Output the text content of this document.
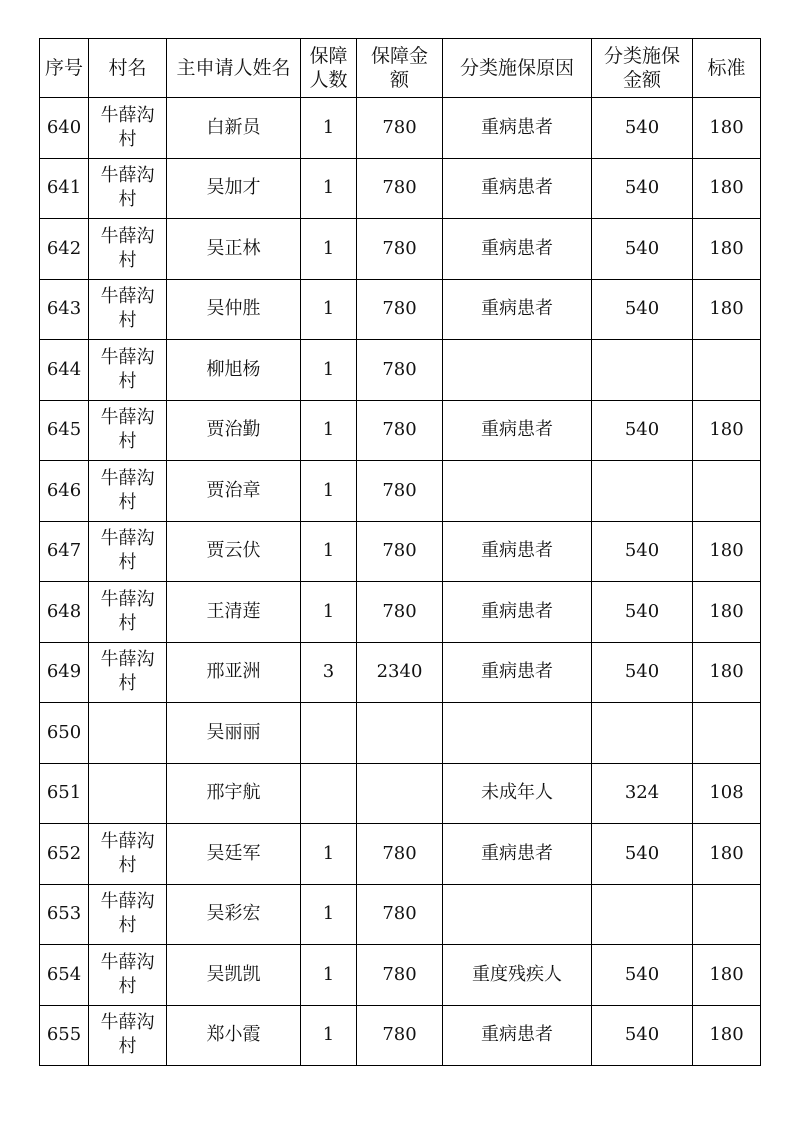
序号	村名	主申请人姓名	保障人数	保障金额	分类施保原因	分类施保金额	标准
640	牛薛沟村	白新员	1	780	重病患者	540	180
641	牛薛沟村	吴加才	1	780	重病患者	540	180
642	牛薛沟村	吴正林	1	780	重病患者	540	180
643	牛薛沟村	吴仲胜	1	780	重病患者	540	180
644	牛薛沟村	柳旭杨	1	780			
645	牛薛沟村	贾治勤	1	780	重病患者	540	180
646	牛薛沟村	贾治章	1	780			
647	牛薛沟村	贾云伏	1	780	重病患者	540	180
648	牛薛沟村	王清莲	1	780	重病患者	540	180
649	牛薛沟村	邢亚洲	3	2340	重病患者	540	180
650		吴丽丽					
651		邢宇航			未成年人	324	108
652	牛薛沟村	吴廷军	1	780	重病患者	540	180
653	牛薛沟村	吴彩宏	1	780			
654	牛薛沟村	吴凯凯	1	780	重度残疾人	540	180
655	牛薛沟村	郑小霞	1	780	重病患者	540	180
